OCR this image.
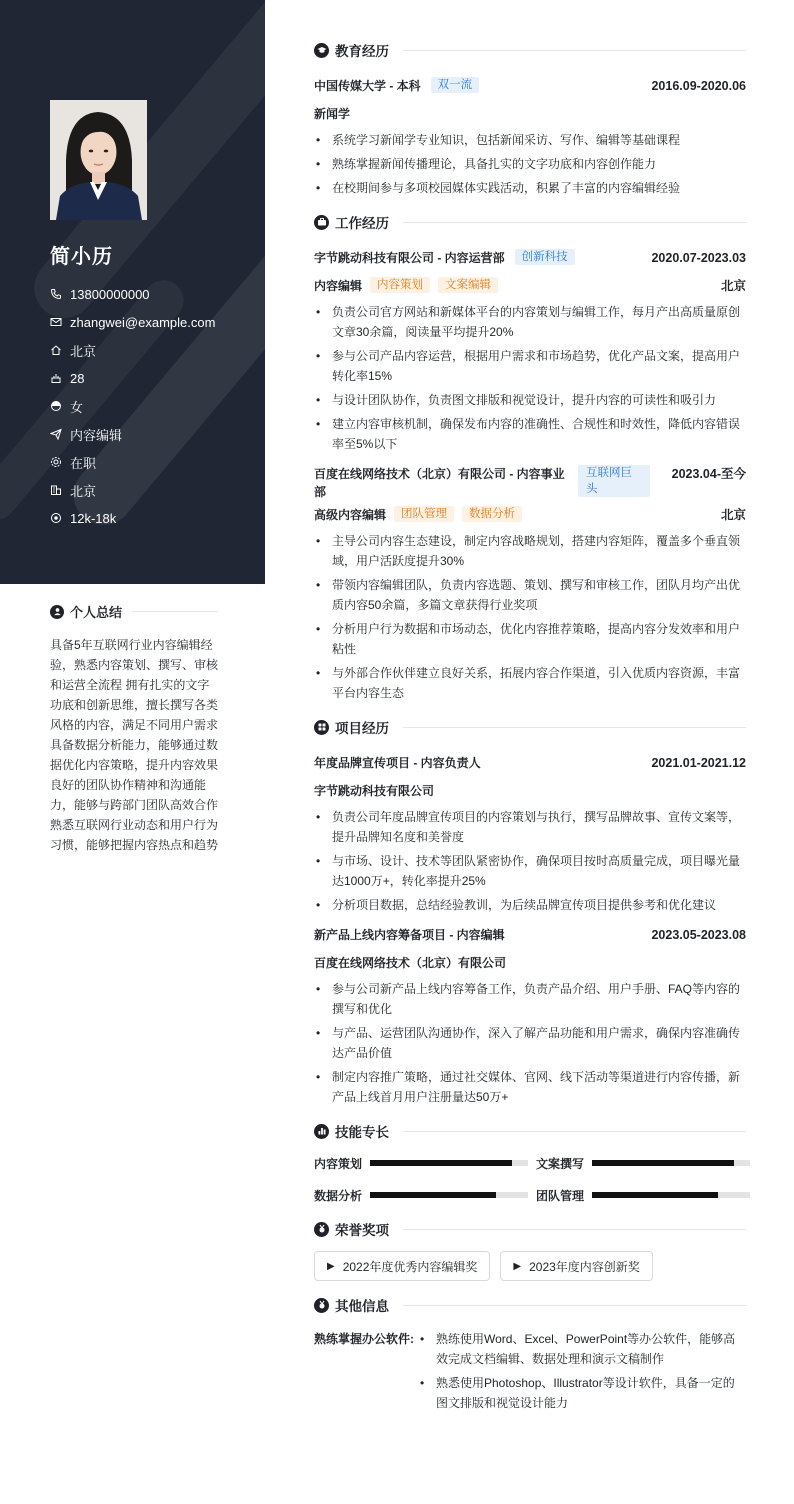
简小历
13800000000
zhangwei@example.com
北京
28
女
内容编辑
在职
北京
12k-18k
个人总结
具备5年互联网行业内容编辑经验，熟悉内容策划、撰写、审核和运营全流程 拥有扎实的文字功底和创新思维，擅长撰写各类风格的内容，满足不同用户需求 具备数据分析能力，能够通过数据优化内容策略，提升内容效果 良好的团队协作精神和沟通能力，能够与跨部门团队高效合作 熟悉互联网行业动态和用户行为习惯，能够把握内容热点和趋势
教育经历
中国传媒大学 - 本科	双一流	2016.09-2020.06
新闻学
• 系统学习新闻学专业知识，包括新闻采访、写作、编辑等基础课程
• 熟练掌握新闻传播理论，具备扎实的文字功底和内容创作能力
• 在校期间参与多项校园媒体实践活动，积累了丰富的内容编辑经验
工作经历
字节跳动科技有限公司 - 内容运营部	创新科技	2020.07-2023.03
内容编辑	内容策划	文案编辑	北京
• 负责公司官方网站和新媒体平台的内容策划与编辑工作，每月产出高质量原创文章30余篇，阅读量平均提升20%
• 参与公司产品内容运营，根据用户需求和市场趋势，优化产品文案，提高用户转化率15%
• 与设计团队协作，负责图文排版和视觉设计，提升内容的可读性和吸引力
• 建立内容审核机制，确保发布内容的准确性、合规性和时效性，降低内容错误率至5%以下
百度在线网络技术（北京）有限公司 - 内容事业部
互联网巨头
2023.04-至今
高级内容编辑	团队管理	数据分析	北京
• 主导公司内容生态建设，制定内容战略规划，搭建内容矩阵，覆盖多个垂直领域，用户活跃度提升30%
• 带领内容编辑团队，负责内容选题、策划、撰写和审核工作，团队月均产出优质内容50余篇，多篇文章获得行业奖项
• 分析用户行为数据和市场动态，优化内容推荐策略，提高内容分发效率和用户粘性
• 与外部合作伙伴建立良好关系，拓展内容合作渠道，引入优质内容资源，丰富平台内容生态
项目经历
年度品牌宣传项目 - 内容负责人	2021.01-2021.12
字节跳动科技有限公司
• 负责公司年度品牌宣传项目的内容策划与执行，撰写品牌故事、宣传文案等，提升品牌知名度和美誉度
• 与市场、设计、技术等团队紧密协作，确保项目按时高质量完成，项目曝光量达1000万+，转化率提升25%
• 分析项目数据，总结经验教训，为后续品牌宣传项目提供参考和优化建议
新产品上线内容筹备项目 - 内容编辑	2023.05-2023.08
百度在线网络技术（北京）有限公司
• 参与公司新产品上线内容筹备工作，负责产品介绍、用户手册、FAQ等内容的撰写和优化
• 与产品、运营团队沟通协作，深入了解产品功能和用户需求，确保内容准确传达产品价值
• 制定内容推广策略，通过社交媒体、官网、线下活动等渠道进行内容传播，新产品上线首月用户注册量达50万+
技能专长
内容策划	文案撰写
数据分析	团队管理
荣誉奖项
▶ 2022年度优秀内容编辑奖	▶ 2023年度内容创新奖
其他信息
熟练掌握办公软件:
•	熟练使用Word、Excel、PowerPoint等办公软件，能够高效完成文档编辑、数据处理和演示文稿制作
• 熟悉使用Photoshop、Illustrator等设计软件，具备一定的图文排版和视觉设计能力
